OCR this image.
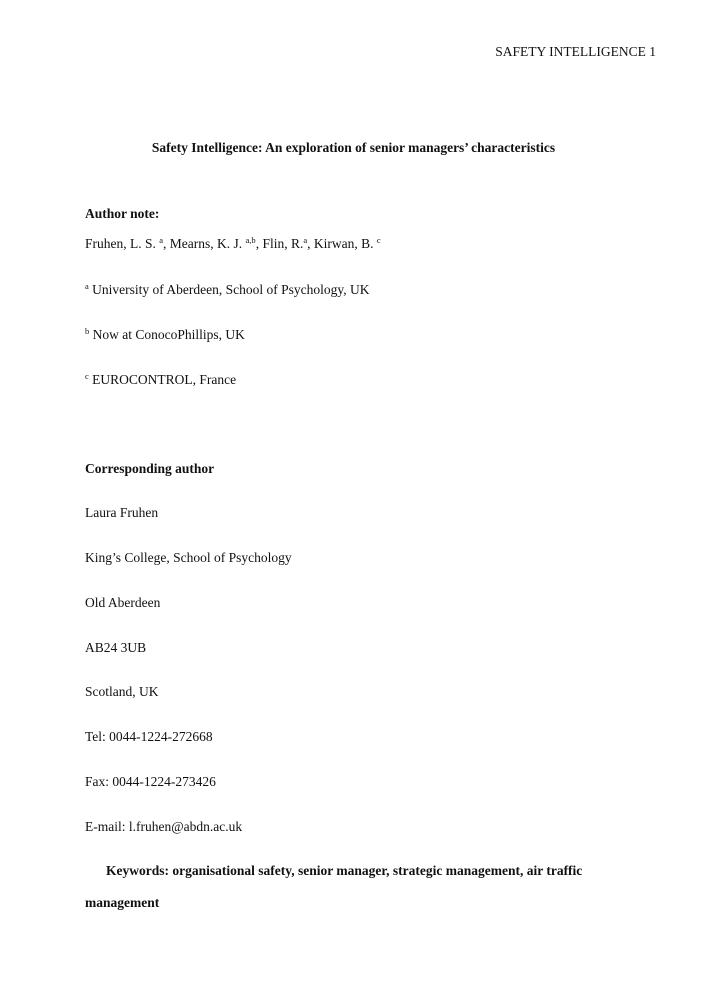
SAFETY INTELLIGENCE 1
Safety Intelligence: An exploration of senior managers’ characteristics
Author note:
Fruhen, L. S. $^a$, Mearns, K. J. $^{a,b}$, Flin, R.$^a$, Kirwan, B. $^c$
$^a$ University of Aberdeen, School of Psychology, UK
$^b$ Now at ConocoPhillips, UK
$^c$ EUROCONTROL, France
Corresponding author
Laura Fruhen
King’s College, School of Psychology
Old Aberdeen
AB24 3UB
Scotland, UK
Tel: 0044-1224-272668
Fax: 0044-1224-273426
E-mail: l.fruhen@abdn.ac.uk
Keywords: organisational safety, senior manager, strategic management, air traffic
management
